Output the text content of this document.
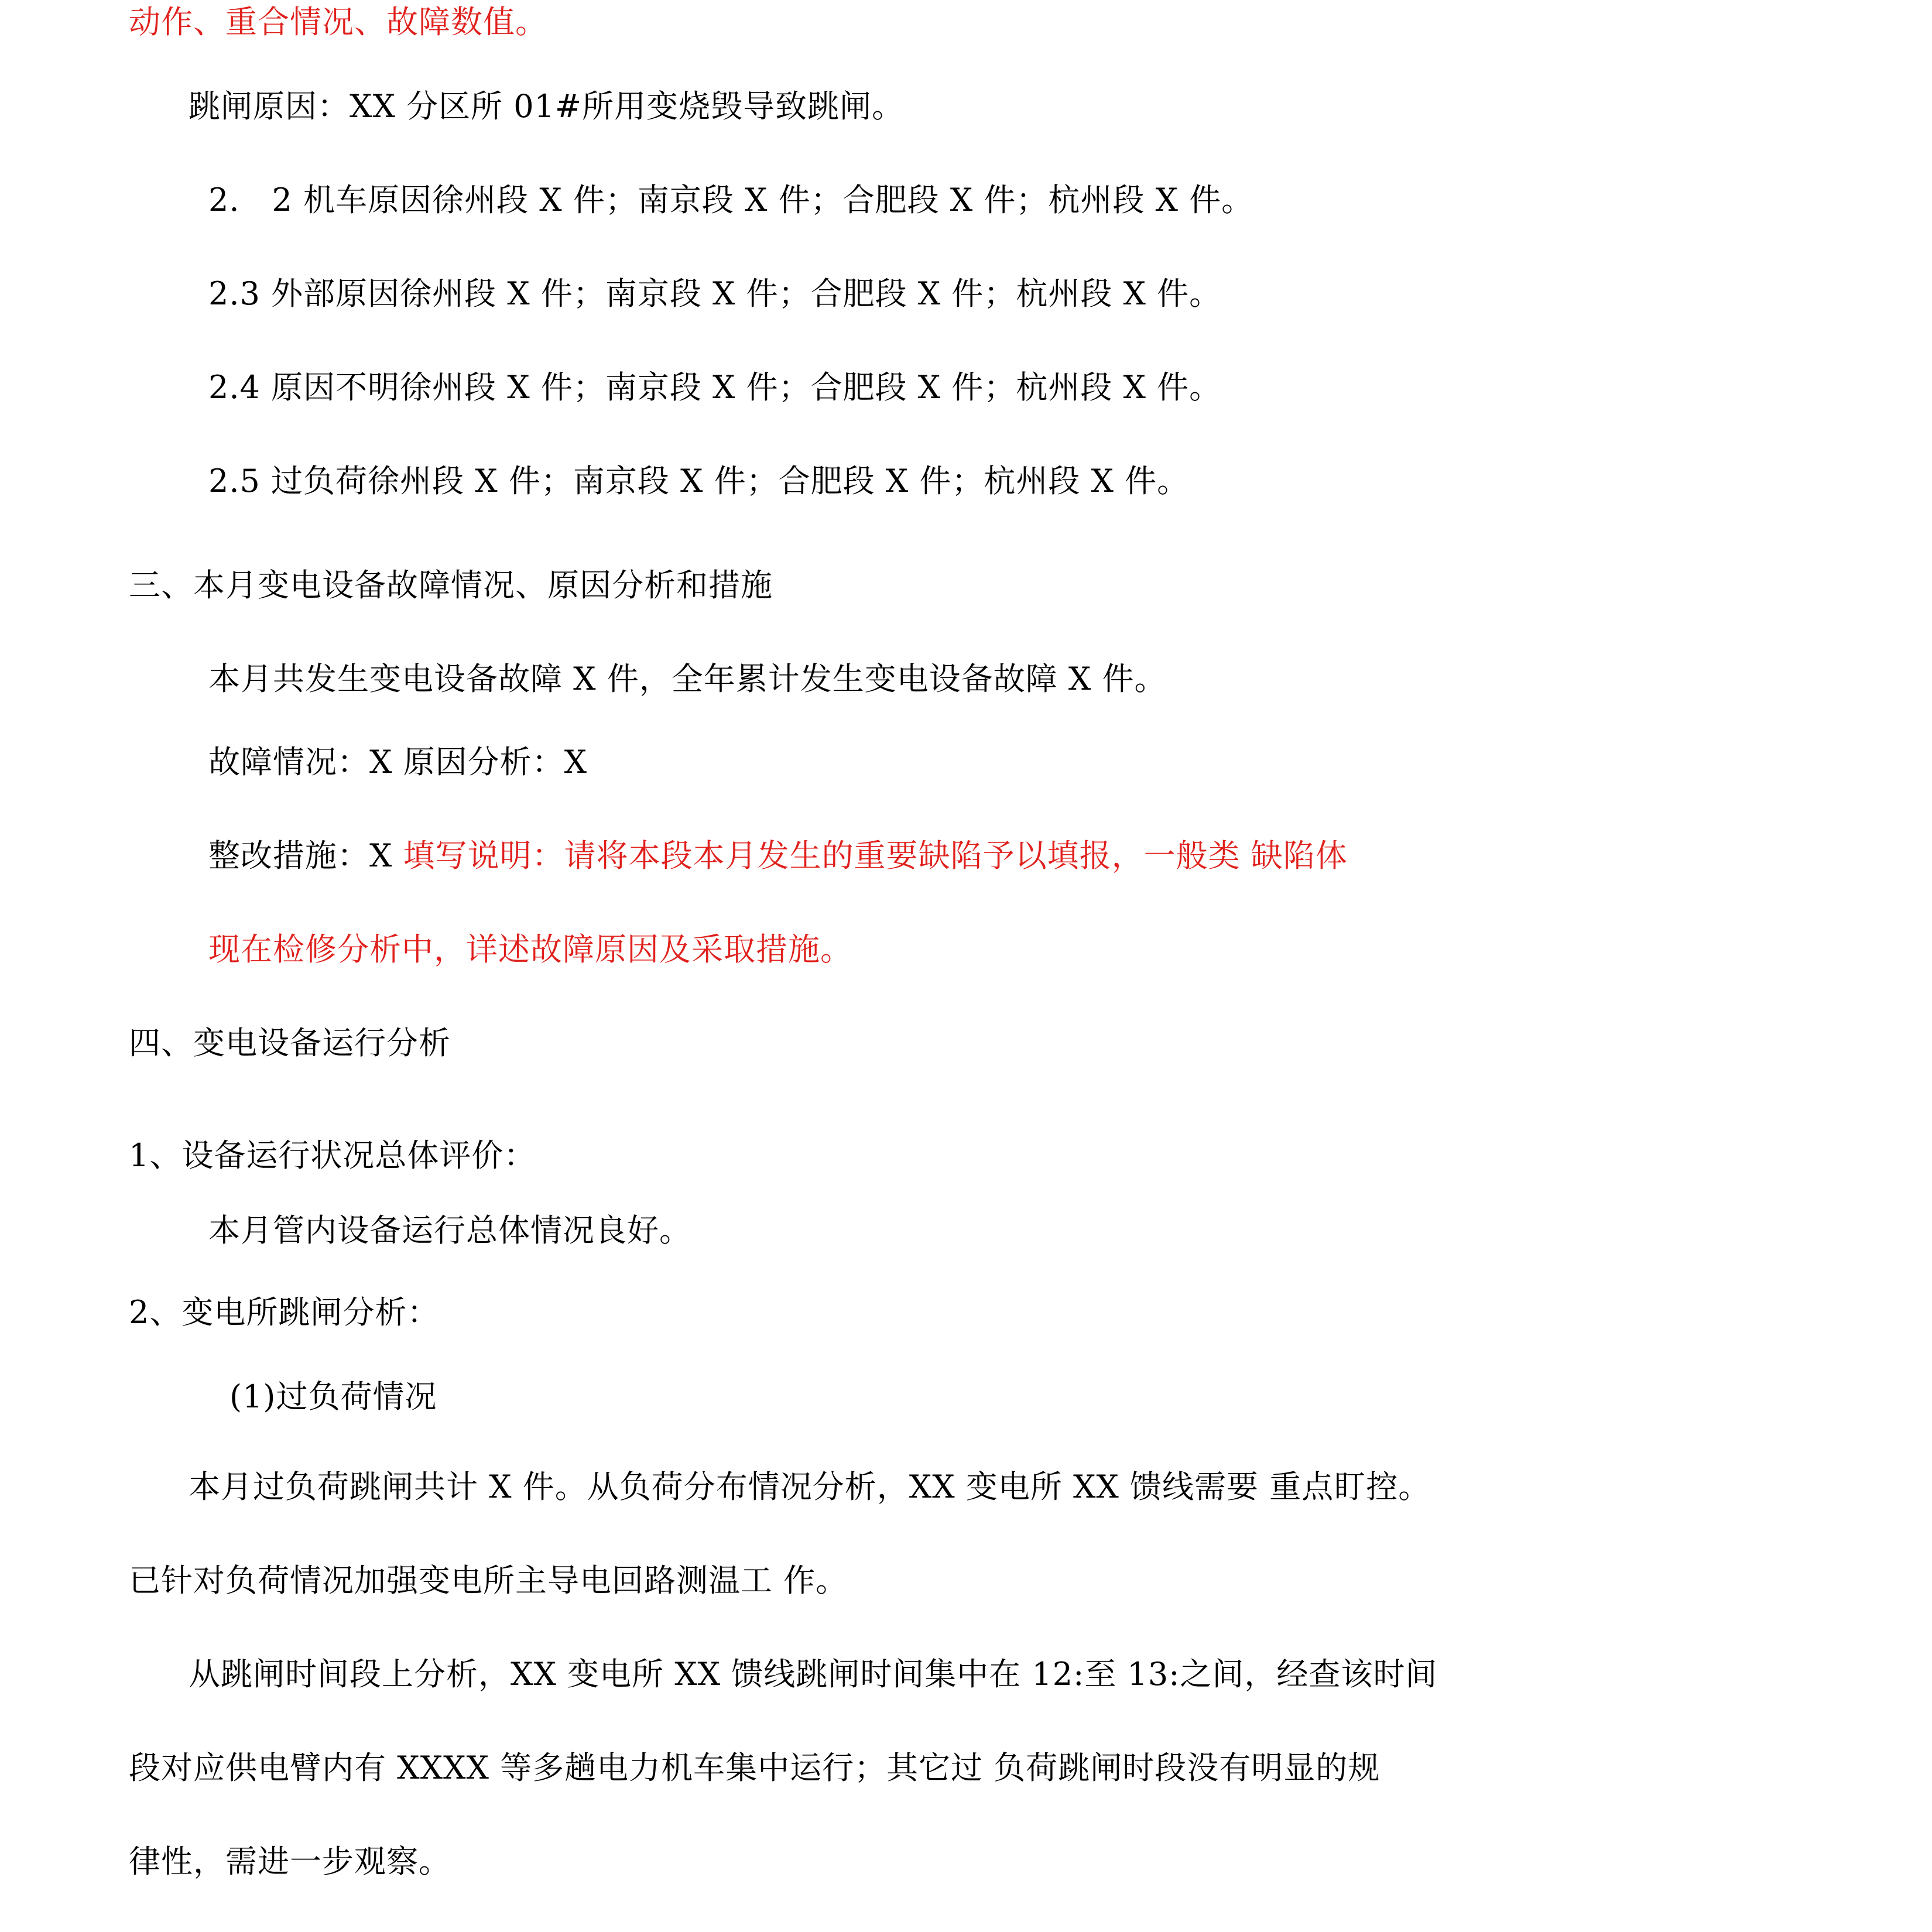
动作、重合情况、故障数值。
跳闸原因：XX 分区所 01#所用变烧毁导致跳闸。
2.　2 机车原因徐州段 X 件；南京段 X 件；合肥段 X 件；杭州段 X 件。
2.3 外部原因徐州段 X 件；南京段 X 件；合肥段 X 件；杭州段 X 件。
2.4 原因不明徐州段 X 件；南京段 X 件；合肥段 X 件；杭州段 X 件。
2.5 过负荷徐州段 X 件；南京段 X 件；合肥段 X 件；杭州段 X 件。
三、本月变电设备故障情况、原因分析和措施
本月共发生变电设备故障 X 件，全年累计发生变电设备故障 X 件。
故障情况：X 原因分析：X
整改措施：X 填写说明：请将本段本月发生的重要缺陷予以填报，一般类 缺陷体
现在检修分析中，详述故障原因及采取措施。
四、变电设备运行分析
1、设备运行状况总体评价：
本月管内设备运行总体情况良好。
2、变电所跳闸分析：
(1)过负荷情况
本月过负荷跳闸共计 X 件。从负荷分布情况分析，XX 变电所 XX 馈线需要 重点盯控。
已针对负荷情况加强变电所主导电回路测温工 作。
从跳闸时间段上分析，XX 变电所 XX 馈线跳闸时间集中在 12:至 13:之间，经查该时间
段对应供电臂内有 XXXX 等多趟电力机车集中运行；其它过 负荷跳闸时段没有明显的规
律性，需进一步观察。
